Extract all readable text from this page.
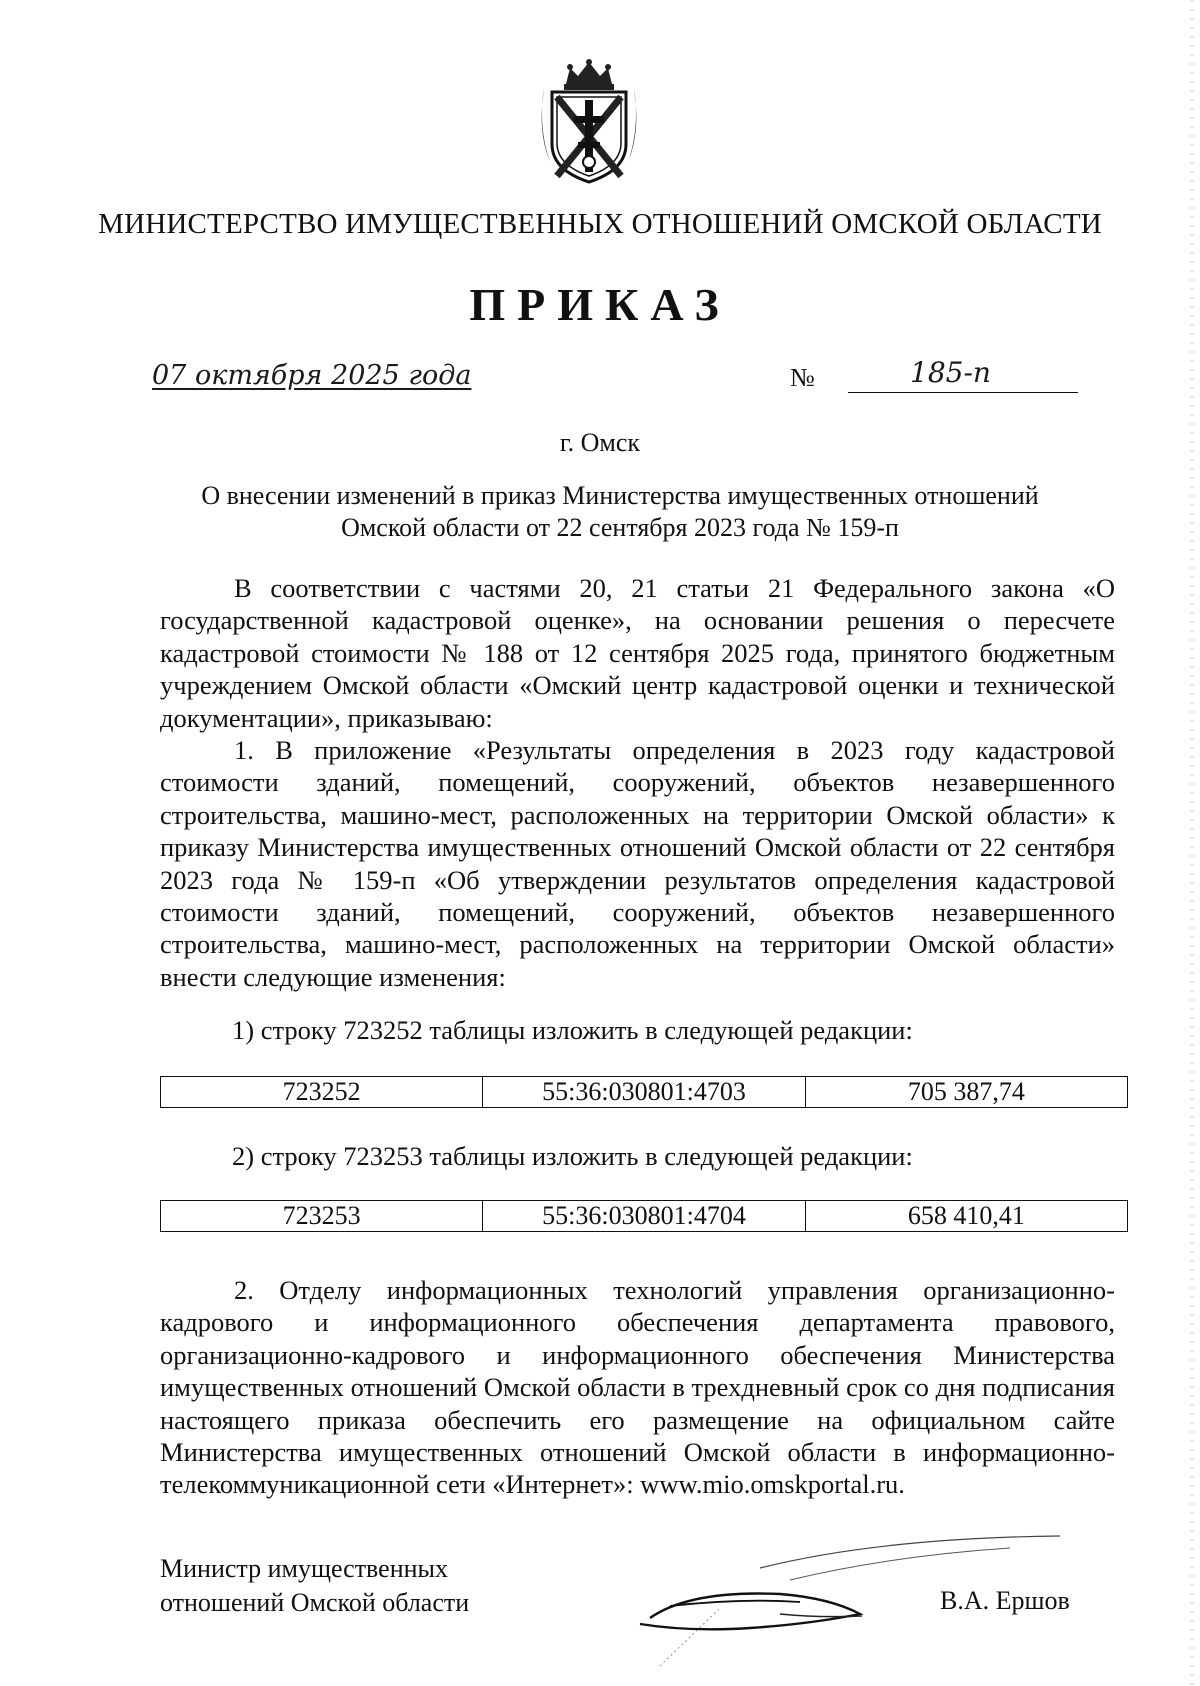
МИНИСТЕРСТВО ИМУЩЕСТВЕННЫХ ОТНОШЕНИЙ ОМСКОЙ ОБЛАСТИ
ПРИКАЗ
07 октября 2025 года	№	185-п
г. Омск
О внесении изменений в приказ Министерства имущественных отношений
Омской области от 22 сентября 2023 года № 159-п
В соответствии с частями 20, 21 статьи 21 Федерального закона «О государственной кадастровой оценке», на основании решения о пересчете кадастровой стоимости № 188 от 12 сентября 2025 года, принятого бюджетным учреждением Омской области «Омский центр кадастровой оценки и технической документации», приказываю:
1. В приложение «Результаты определения в 2023 году кадастровой стоимости зданий, помещений, сооружений, объектов незавершенного строительства, машино-мест, расположенных на территории Омской области» к приказу Министерства имущественных отношений Омской области от 22 сентября 2023 года № 159-п «Об утверждении результатов определения кадастровой стоимости зданий, помещений, сооружений, объектов незавершенного строительства, машино-мест, расположенных на территории Омской области» внести следующие изменения:
1) строку 723252 таблицы изложить в следующей редакции:
723252	55:36:030801:4703	705 387,74
2) строку 723253 таблицы изложить в следующей редакции:
723253	55:36:030801:4704	658 410,41
2. Отделу информационных технологий управления организационно-кадрового и информационного обеспечения департамента правового, организационно-кадрового и информационного обеспечения Министерства имущественных отношений Омской области в трехдневный срок со дня подписания настоящего приказа обеспечить его размещение на официальном сайте Министерства имущественных отношений Омской области в информационно-телекоммуникационной сети «Интернет»: www.mio.omskportal.ru.
Министр имущественных
отношений Омской области	В.А. Ершов
